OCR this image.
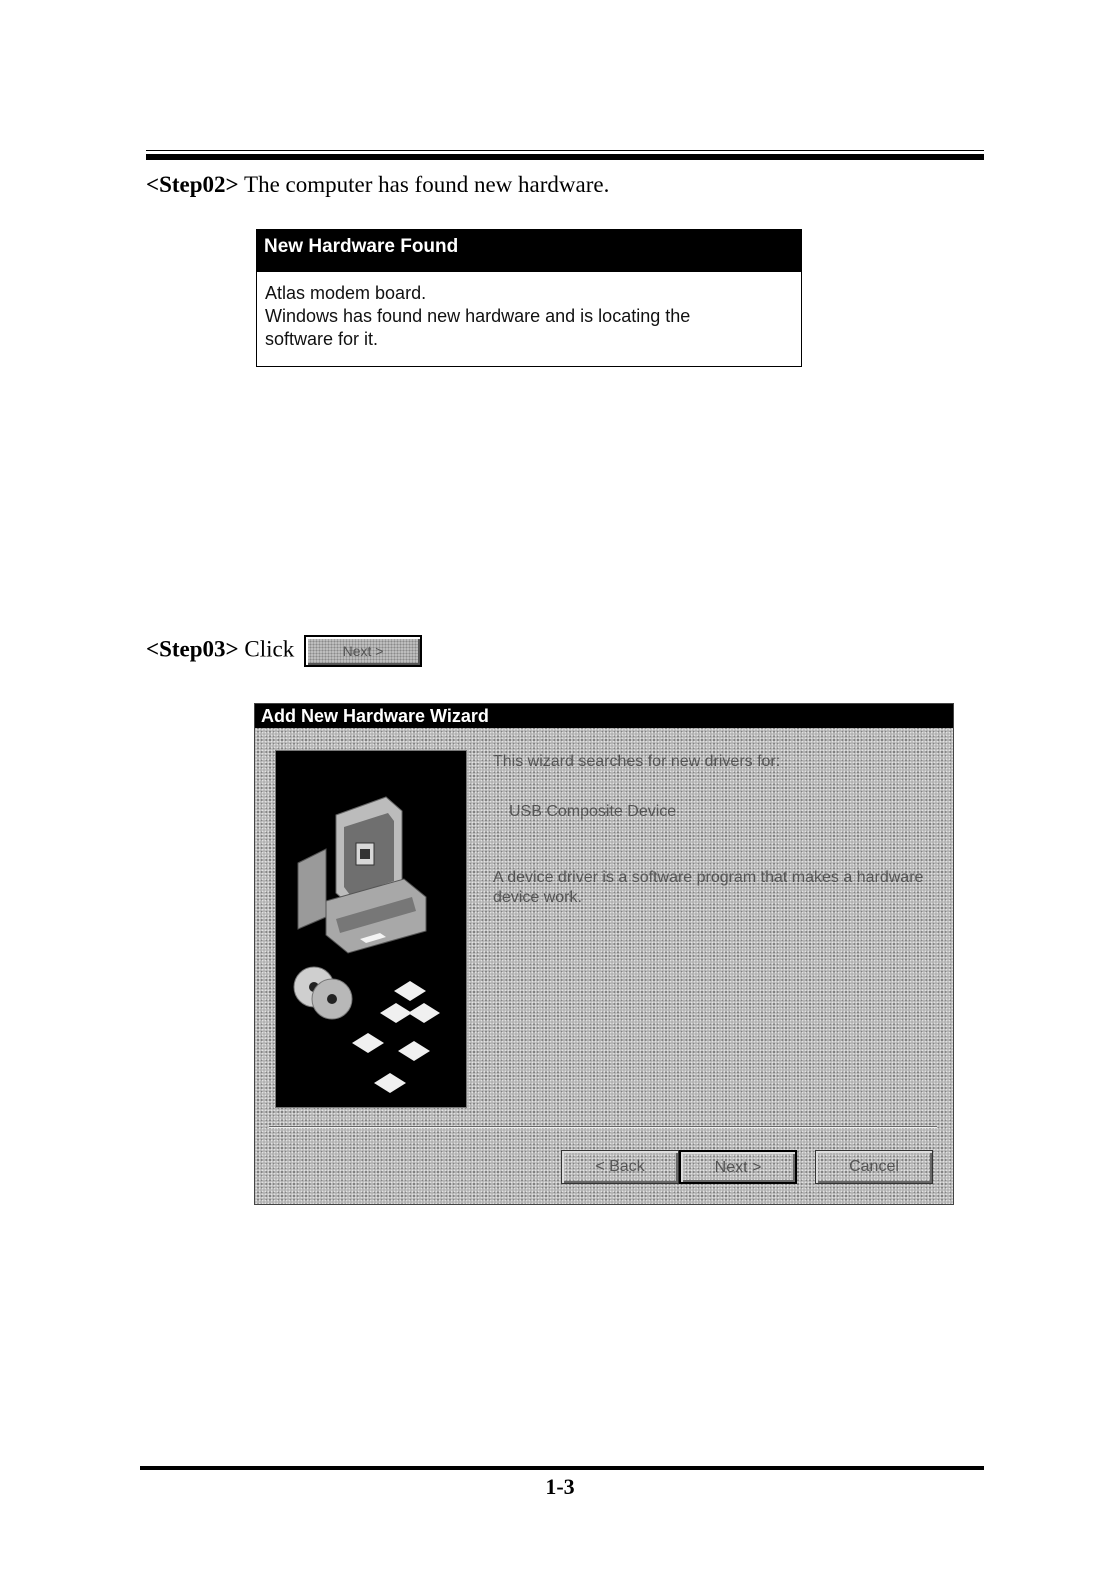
<Step02> The computer has found new hardware.
New Hardware Found
Atlas modem board.
Windows has found new hardware and is locating the
software for it.
<Step03> Click	Next >
Add New Hardware Wizard

This wizard searches for new drivers for:

USB Composite Device

A device driver is a software program that makes a hardware device work.

< Back	Next >	Cancel
1-3
